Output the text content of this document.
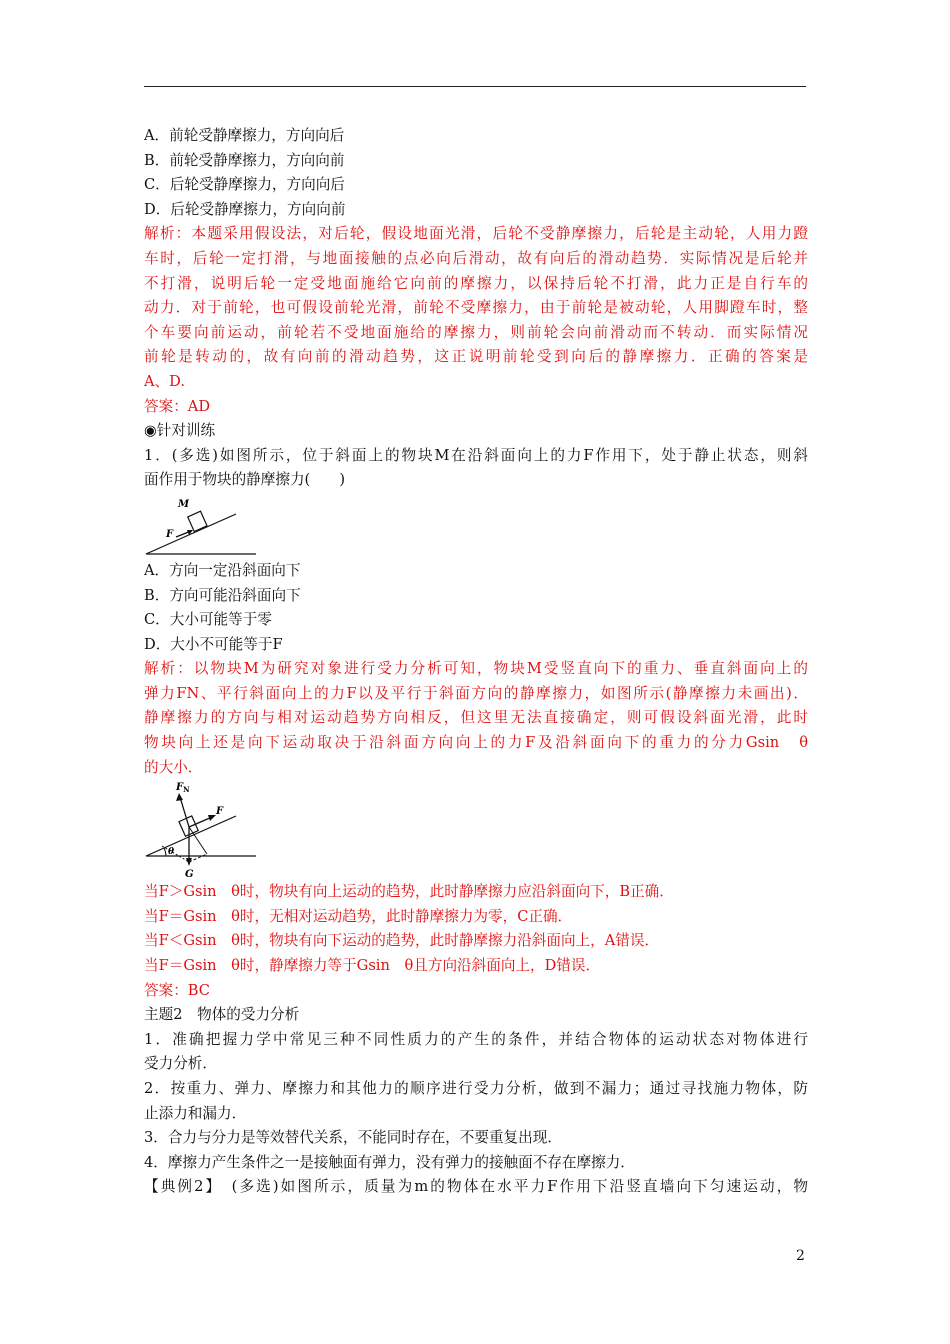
A．前轮受静摩擦力，方向向后
B．前轮受静摩擦力，方向向前
C．后轮受静摩擦力，方向向后
D．后轮受静摩擦力，方向向前
解析：本题采用假设法，对后轮，假设地面光滑，后轮不受静摩擦力，后轮是主动轮，人用力蹬
车时，后轮一定打滑，与地面接触的点必向后滑动，故有向后的滑动趋势．实际情况是后轮并
不打滑，说明后轮一定受地面施给它向前的摩擦力，以保持后轮不打滑，此力正是自行车的
动力．对于前轮，也可假设前轮光滑，前轮不受摩擦力，由于前轮是被动轮，人用脚蹬车时，整
个车要向前运动，前轮若不受地面施给的摩擦力，则前轮会向前滑动而不转动．而实际情况
前轮是转动的，故有向前的滑动趋势，这正说明前轮受到向后的静摩擦力．正确的答案是
A、D.
答案：AD
◉针对训练
1．(多选)如图所示，位于斜面上的物块M在沿斜面向上的力F作用下，处于静止状态，则斜
面作用于物块的静摩擦力(　　)
M
F
A．方向一定沿斜面向下
B．方向可能沿斜面向下
C．大小可能等于零
D．大小不可能等于F
解析：以物块M为研究对象进行受力分析可知，物块M受竖直向下的重力、垂直斜面向上的
弹力FN、平行斜面向上的力F以及平行于斜面方向的静摩擦力，如图所示(静摩擦力未画出)．
静摩擦力的方向与相对运动趋势方向相反，但这里无法直接确定，则可假设斜面光滑，此时
物块向上还是向下运动取决于沿斜面方向向上的力F及沿斜面向下的重力的分力Gsin　θ
的大小．
$F_N$
F
θ
G
当F＞Gsin　θ时，物块有向上运动的趋势，此时静摩擦力应沿斜面向下，B正确．
当F＝Gsin　θ时，无相对运动趋势，此时静摩擦力为零，C正确．
当F＜Gsin　θ时，物块有向下运动的趋势，此时静摩擦力沿斜面向上，A错误．
当F＝Gsin　θ时，静摩擦力等于Gsin　θ且方向沿斜面向上，D错误．
答案：BC
主题2　物体的受力分析
1．准确把握力学中常见三种不同性质力的产生的条件，并结合物体的运动状态对物体进行
受力分析．
2．按重力、弹力、摩擦力和其他力的顺序进行受力分析，做到不漏力；通过寻找施力物体，防
止添力和漏力．
3．合力与分力是等效替代关系，不能同时存在，不要重复出现．
4．摩擦力产生条件之一是接触面有弹力，没有弹力的接触面不存在摩擦力．
【典例2】　(多选)如图所示，质量为m的物体在水平力F作用下沿竖直墙向下匀速运动，物
2
